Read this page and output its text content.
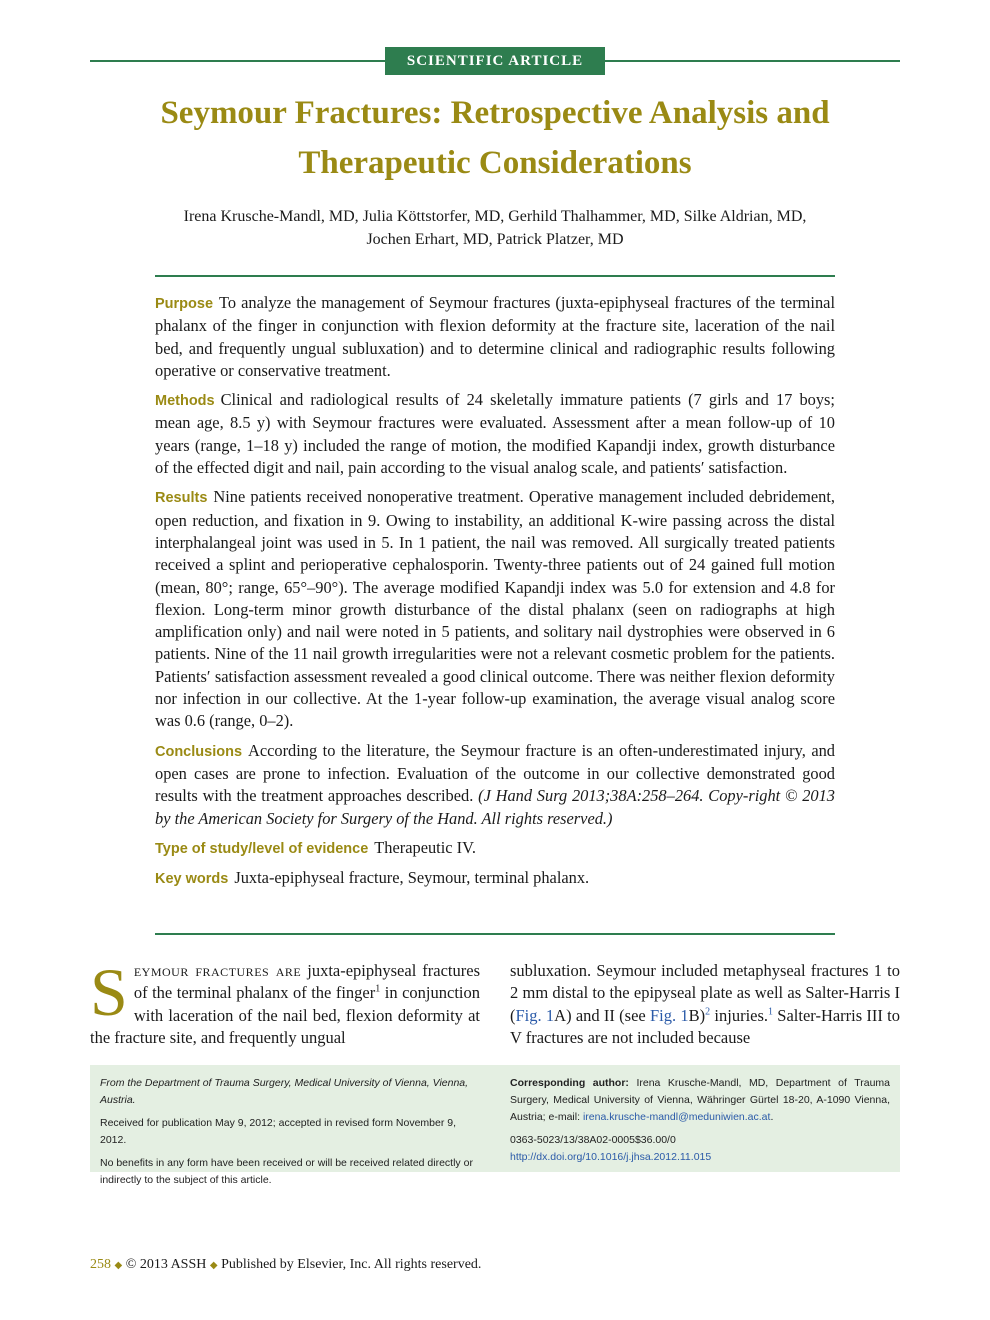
SCIENTIFIC ARTICLE
Seymour Fractures: Retrospective Analysis and Therapeutic Considerations
Irena Krusche-Mandl, MD, Julia Köttstorfer, MD, Gerhild Thalhammer, MD, Silke Aldrian, MD,
Jochen Erhart, MD, Patrick Platzer, MD

Purpose To analyze the management of Seymour fractures (juxta-epiphyseal fractures of the terminal phalanx of the finger in conjunction with flexion deformity at the fracture site, laceration of the nail bed, and frequently ungual subluxation) and to determine clinical and radiographic results following operative or conservative treatment.

Methods Clinical and radiological results of 24 skeletally immature patients (7 girls and 17 boys; mean age, 8.5 y) with Seymour fractures were evaluated. Assessment after a mean follow-up of 10 years (range, 1–18 y) included the range of motion, the modified Kapandji index, growth disturbance of the effected digit and nail, pain according to the visual analog scale, and patients′ satisfaction.

Results Nine patients received nonoperative treatment. Operative management included debridement, open reduction, and fixation in 9. Owing to instability, an additional K-wire passing across the distal interphalangeal joint was used in 5. In 1 patient, the nail was removed. All surgically treated patients received a splint and perioperative cephalosporin. Twenty-three patients out of 24 gained full motion (mean, 80°; range, 65°–90°). The average modified Kapandji index was 5.0 for extension and 4.8 for flexion. Long-term minor growth disturbance of the distal phalanx (seen on radiographs at high amplification only) and nail were noted in 5 patients, and solitary nail dystrophies were observed in 6 patients. Nine of the 11 nail growth irregularities were not a relevant cosmetic problem for the patients. Patients′ satisfaction assessment revealed a good clinical outcome. There was neither flexion deformity nor infection in our collective. At the 1-year follow-up examination, the average visual analog score was 0.6 (range, 0–2).

Conclusions According to the literature, the Seymour fracture is an often-underestimated injury, and open cases are prone to infection. Evaluation of the outcome in our collective demonstrated good results with the treatment approaches described. (J Hand Surg 2013;38A:258–264. Copy-right © 2013 by the American Society for Surgery of the Hand. All rights reserved.)

Type of study/level of evidence Therapeutic IV.

Key words Juxta-epiphyseal fracture, Seymour, terminal phalanx.

Seymour fractures are juxta-epiphyseal fractures of the terminal phalanx of the finger$^1$ in conjunction with laceration of the nail bed, flexion deformity at the fracture site, and frequently ungual
subluxation. Seymour included metaphyseal fractures 1 to 2 mm distal to the epipyseal plate as well as Salter-Harris I (Fig. 1A) and II (see Fig. 1B)$^2$ injuries.$^1$ Salter-Harris III to V fractures are not included because

From the Department of Trauma Surgery, Medical University of Vienna, Vienna, Austria.

Received for publication May 9, 2012; accepted in revised form November 9, 2012.

No benefits in any form have been received or will be received related directly or indirectly to the subject of this article.

Corresponding author: Irena Krusche-Mandl, MD, Department of Trauma Surgery, Medical University of Vienna, Währinger Gürtel 18-20, A-1090 Vienna, Austria; e-mail: irena.krusche-mandl@meduniwien.ac.at.

0363-5023/13/38A02-0005$36.00/0

http://dx.doi.org/10.1016/j.jhsa.2012.11.015

258 ◆ © 2013 ASSH ◆ Published by Elsevier, Inc. All rights reserved.
